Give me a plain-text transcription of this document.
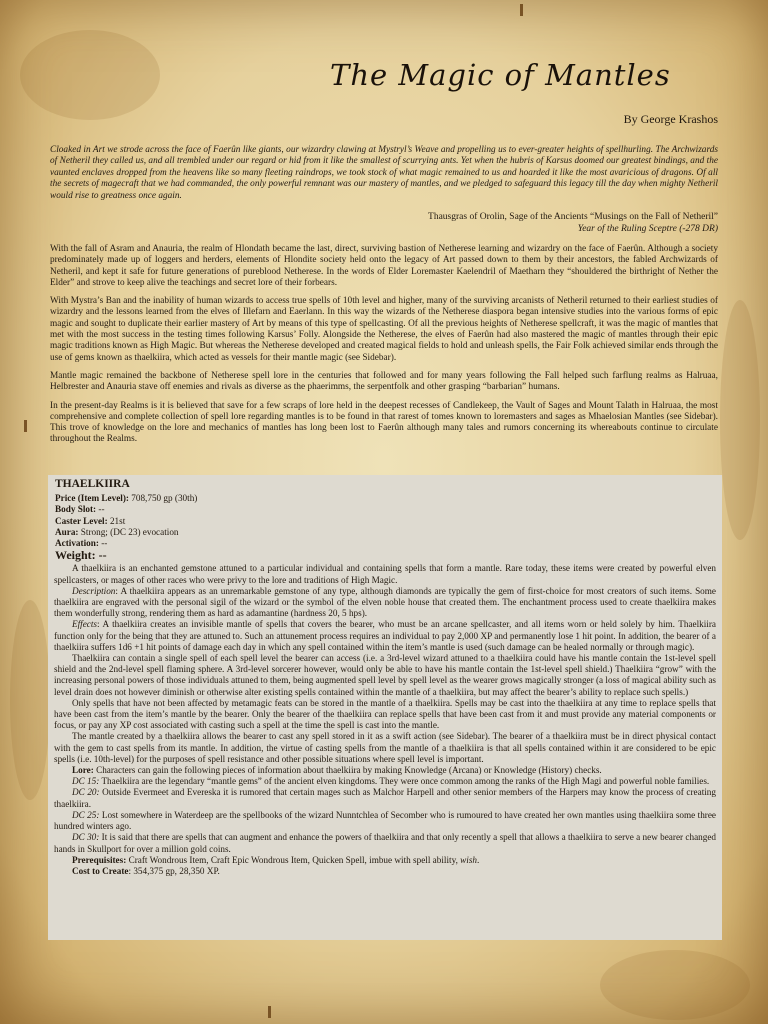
The Magic of Mantles
By George Krashos

Cloaked in Art we strode across the face of Faerûn like giants, our wizardry clawing at Mystryl’s Weave and propelling us to ever-greater heights of spellhurling. The Archwizards of Netheril they called us, and all trembled under our regard or hid from it like the smallest of scurrying ants. Yet when the hubris of Karsus doomed our greatest bindings, and the vaunted enclaves dropped from the heavens like so many fleeting raindrops, we took stock of what magic remained to us and hoarded it like the most avaricious of dragons. Of all the secrets of magecraft that we had commanded, the only powerful remnant was our mastery of mantles, and we pledged to safeguard this legacy till the day when mighty Netheril would rise to greatness once again.

Thausgras of Orolin, Sage of the Ancients “Musings on the Fall of Netheril”
Year of the Ruling Sceptre (-278 DR)

With the fall of Asram and Anauria, the realm of Hlondath became the last, direct, surviving bastion of Netherese learning and wizardry on the face of Faerûn. Although a society predominately made up of loggers and herders, elements of Hlondite society held onto the legacy of Art passed down to them by their ancestors, the fabled Archwizards of Netheril, and kept it safe for future generations of pureblood Netherese. In the words of Elder Loremaster Kaelendril of Maetharn they “shouldered the birthright of Nether the Elder” and strove to keep alive the teachings and secret lore of their forbears.

With Mystra’s Ban and the inability of human wizards to access true spells of 10th level and higher, many of the surviving arcanists of Netheril returned to their earliest studies of wizardry and the lessons learned from the elves of Illefarn and Eaerlann. In this way the wizards of the Netherese diaspora began intensive studies into the various forms of epic magic and sought to duplicate their earlier mastery of Art by means of this type of spellcasting. Of all the previous heights of Netherese spellcraft, it was the magic of mantles that met with the most success in the testing times following Karsus’ Folly. Alongside the Netherese, the elves of Faerûn had also mastered the magic of mantles through their epic magic traditions known as High Magic. But whereas the Netherese developed and created magical fields to hold and unleash spells, the Fair Folk achieved similar ends through the use of gems known as thaelkiira, which acted as vessels for their mantle magic (see Sidebar).

Mantle magic remained the backbone of Netherese spell lore in the centuries that followed and for many years following the Fall helped such farflung realms as Halruaa, Helbrester and Anauria stave off enemies and rivals as diverse as the phaerimms, the serpentfolk and other grasping “barbarian” humans.

In the present-day Realms is it is believed that save for a few scraps of lore held in the deepest recesses of Candlekeep, the Vault of Sages and Mount Talath in Halruaa, the most comprehensive and complete collection of spell lore regarding mantles is to be found in that rarest of tomes known to loremasters and sages as Mhaelosian Mantles (see Sidebar). This trove of knowledge on the lore and mechanics of mantles has long been lost to Faerûn although many tales and rumors concerning its whereabouts continue to circulate throughout the Realms.

THAELKIIRA
Price (Item Level): 708,750 gp (30th)
Body Slot: --
Caster Level: 21st
Aura: Strong; (DC 23) evocation
Activation: --
Weight: --

A thaelkiira is an enchanted gemstone attuned to a particular individual and containing spells that form a mantle. Rare today, these items were created by powerful elven spellcasters, or mages of other races who were privy to the lore and traditions of High Magic.

Description: A thaelkiira appears as an unremarkable gemstone of any type, although diamonds are typically the gem of first-choice for most creators of such items. Some thaelkiira are engraved with the personal sigil of the wizard or the symbol of the elven noble house that created them. The enchantment process used to create thaelkiira makes them wonderfully strong, rendering them as hard as adamantine (hardness 20, 5 hps).

Effects: A thaelkiira creates an invisible mantle of spells that covers the bearer, who must be an arcane spellcaster, and all items worn or held solely by him. Thaelkiira function only for the being that they are attuned to. Such an attunement process requires an individual to pay 2,000 XP and permanently lose 1 hit point. In addition, the bearer of a thaelkiira suffers 1d6 +1 hit points of damage each day in which any spell contained within the item’s mantle is used (such damage can be healed normally or through magic).

Thaelkiira can contain a single spell of each spell level the bearer can access (i.e. a 3rd-level wizard attuned to a thaelkiira could have his mantle contain the 1st-level spell shield and the 2nd-level spell flaming sphere. A 3rd-level sorcerer however, would only be able to have his mantle contain the 1st-level spell shield.) Thaelkiira “grow” with the increasing personal powers of those individuals attuned to them, being augmented spell level by spell level as the wearer grows magically stronger (a loss of magical ability such as level drain does not however diminish or otherwise alter existing spells contained within the mantle of a thaelkiira, but may affect the bearer’s ability to replace such spells.)

Only spells that have not been affected by metamagic feats can be stored in the mantle of a thaelkiira. Spells may be cast into the thaelkiira at any time to replace spells that have been cast from the item’s mantle by the bearer. Only the bearer of the thaelkiira can replace spells that have been cast from it and must provide any material components or focus, or pay any XP cost associated with casting such a spell at the time the spell is cast into the mantle.

The mantle created by a thaelkiira allows the bearer to cast any spell stored in it as a swift action (see Sidebar). The bearer of a thaelkiira must be in direct physical contact with the gem to cast spells from its mantle. In addition, the virtue of casting spells from the mantle of a thaelkiira is that all spells contained within it are considered to be epic spells (i.e. 10th-level) for the purposes of spell resistance and other possible situations where spell level is important.

Lore: Characters can gain the following pieces of information about thaelkiira by making Knowledge (Arcana) or Knowledge (History) checks.

DC 15: Thaelkiira are the legendary “mantle gems” of the ancient elven kingdoms. They were once common among the ranks of the High Magi and powerful noble families.

DC 20: Outside Evermeet and Evereska it is rumored that certain mages such as Malchor Harpell and other senior members of the Harpers may know the process of creating thaelkiira.

DC 25: Lost somewhere in Waterdeep are the spellbooks of the wizard Nunntchlea of Secomber who is rumoured to have created her own mantles using thaelkiira some three hundred winters ago.

DC 30: It is said that there are spells that can augment and enhance the powers of thaelkiira and that only recently a spell that allows a thaelkiira to serve a new bearer changed hands in Skullport for over a million gold coins.

Prerequisites: Craft Wondrous Item, Craft Epic Wondrous Item, Quicken Spell, imbue with spell ability, wish.

Cost to Create: 354,375 gp, 28,350 XP.
